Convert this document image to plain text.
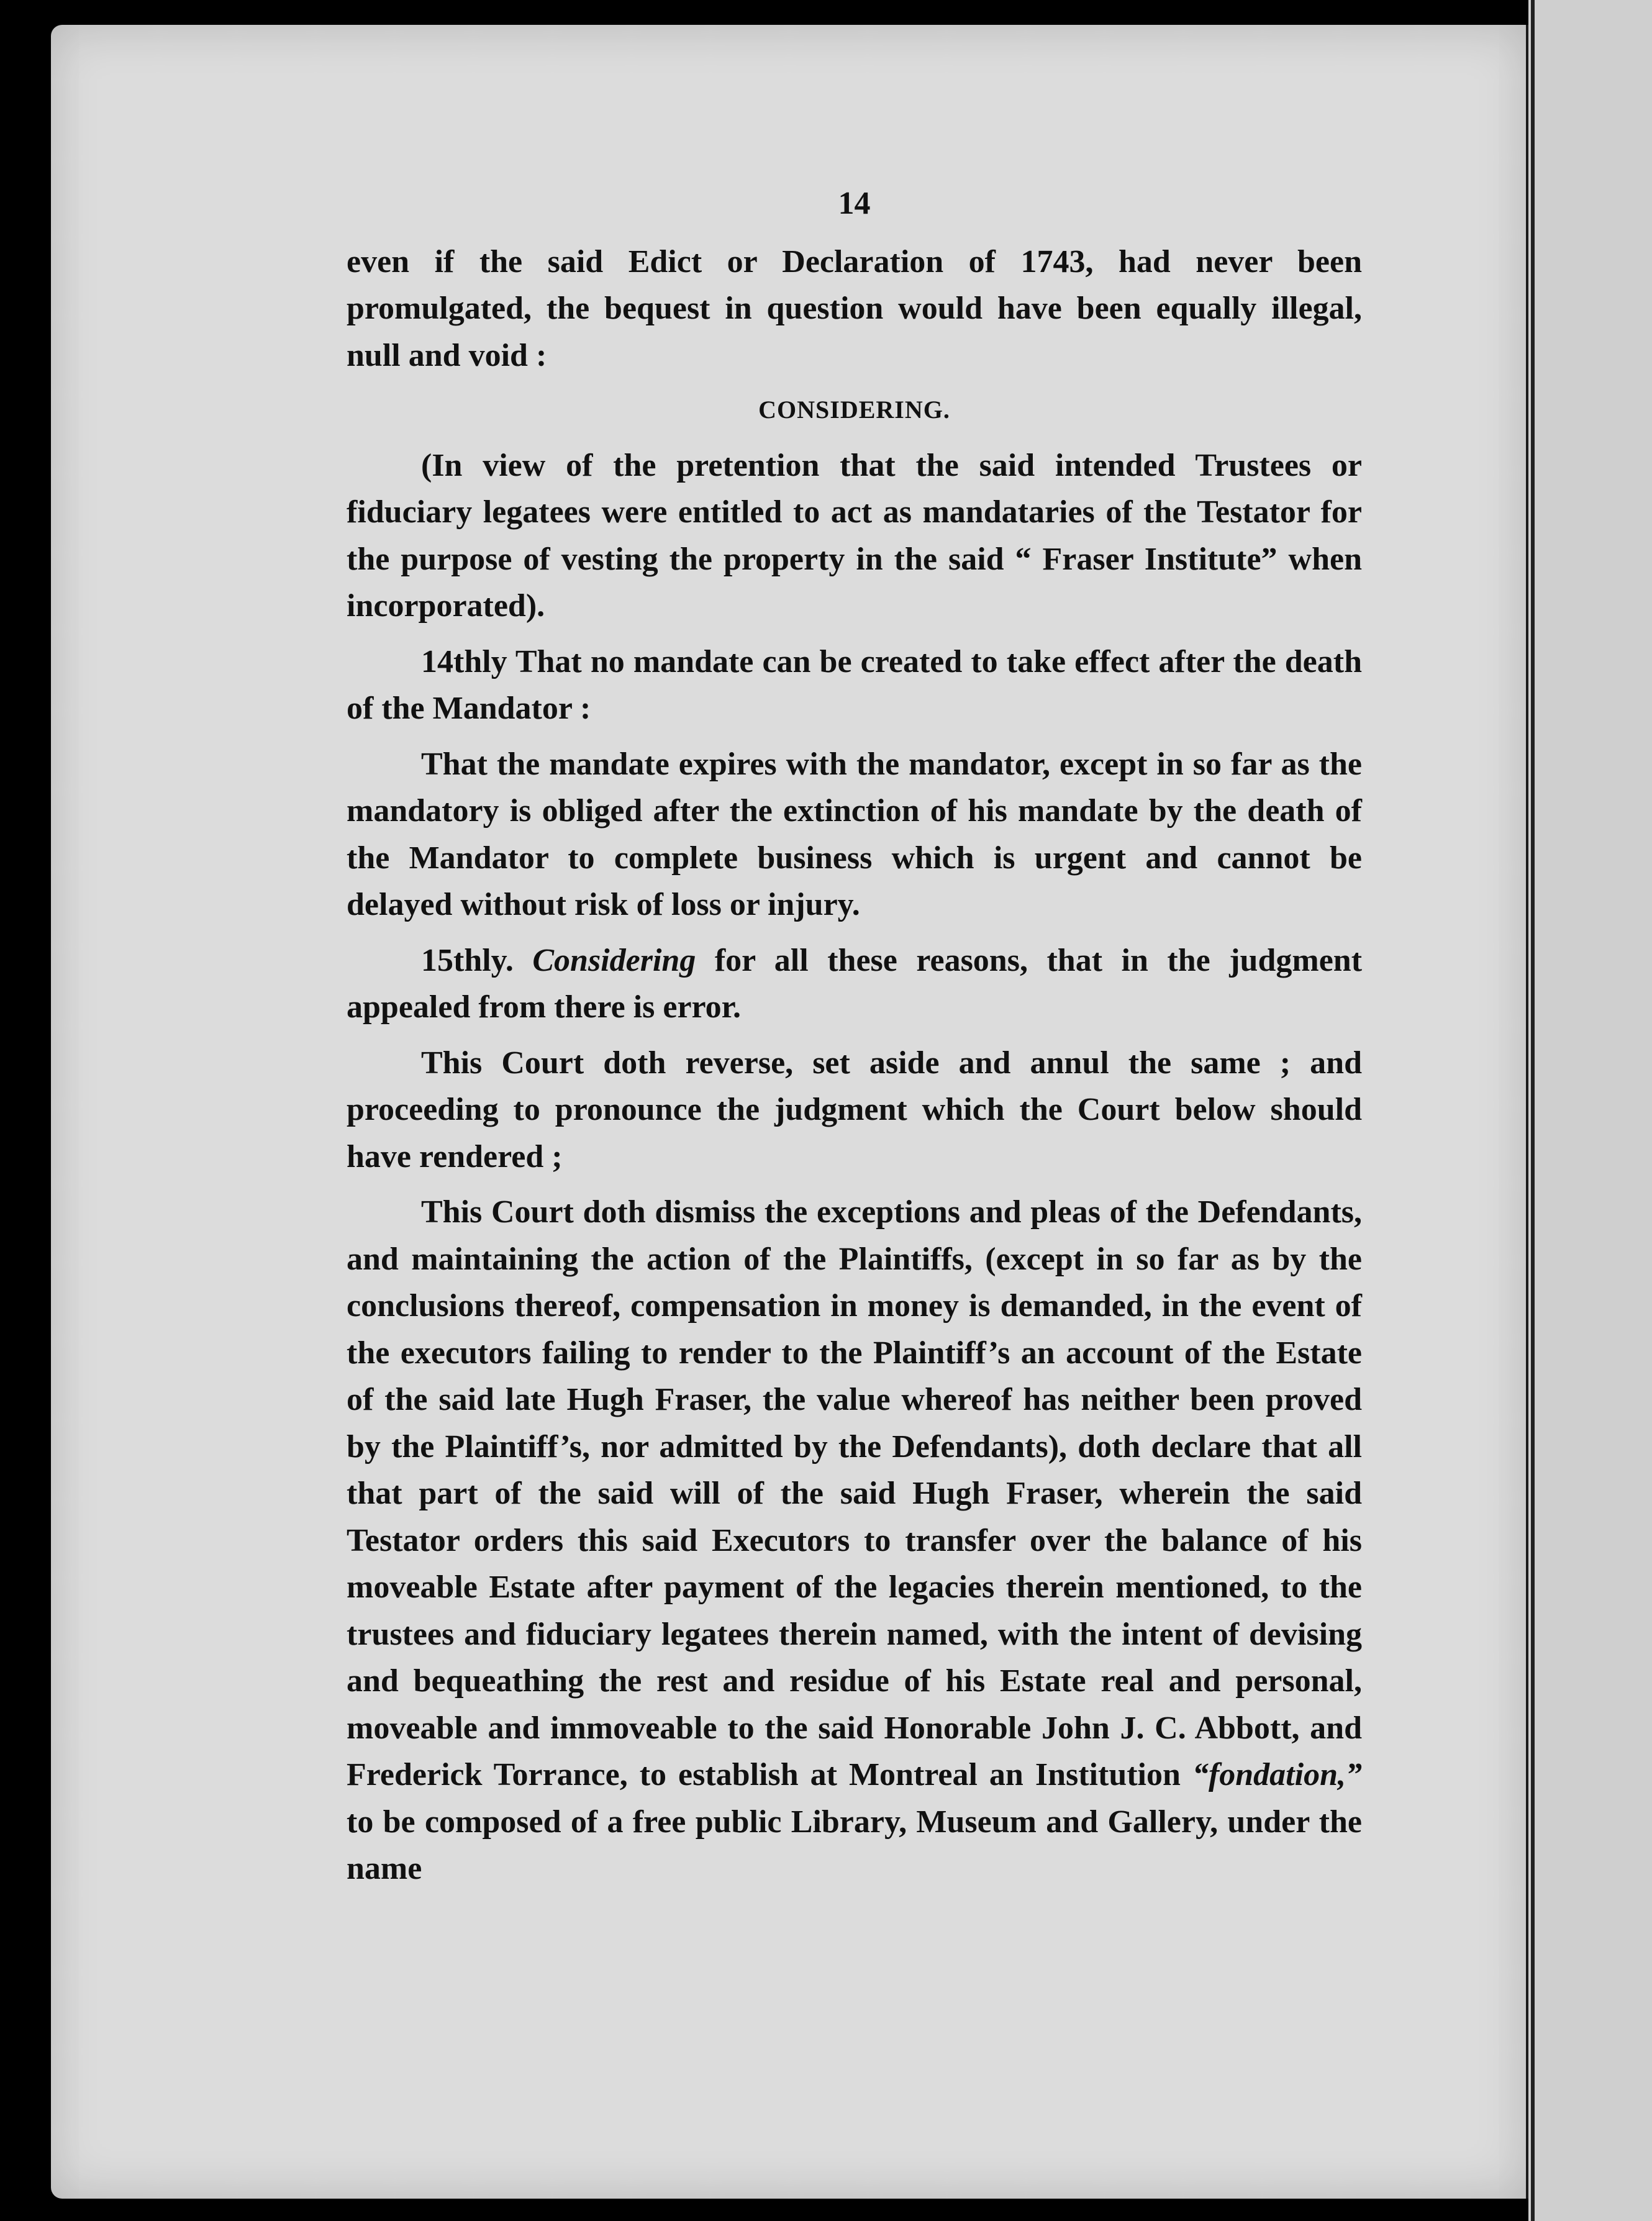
14

even if the said Edict or Declaration of 1743, had never been promulgated, the bequest in question would have been equally illegal, null and void :

CONSIDERING.

(In view of the pretention that the said intended Trustees or fiduciary legatees were entitled to act as mandataries of the Testator for the purpose of vesting the property in the said “ Fraser Institute” when incorporated).

14thly That no mandate can be created to take effect after the death of the Mandator :

That the mandate expires with the mandator, except in so far as the mandatory is obliged after the extinction of his mandate by the death of the Mandator to complete business which is urgent and cannot be delayed without risk of loss or injury.

15thly. Considering for all these reasons, that in the judgment appealed from there is error.

This Court doth reverse, set aside and annul the same ; and proceeding to pronounce the judgment which the Court below should have rendered ;

This Court doth dismiss the exceptions and pleas of the Defendants, and maintaining the action of the Plaintiffs, (except in so far as by the conclusions thereof, compensation in money is demanded, in the event of the executors failing to render to the Plaintiff’s an account of the Estate of the said late Hugh Fraser, the value whereof has neither been proved by the Plaintiff’s, nor admitted by the Defendants), doth declare that all that part of the said will of the said Hugh Fraser, wherein the said Testator orders this said Executors to transfer over the balance of his moveable Estate after payment of the legacies therein mentioned, to the trustees and fiduciary legatees therein named, with the intent of devising and bequeathing the rest and residue of his Estate real and personal, moveable and immoveable to the said Honorable John J. C. Abbott, and Frederick Torrance, to establish at Montreal an Institution “fondation,” to be composed of a free public Library, Museum and Gallery, under the name
